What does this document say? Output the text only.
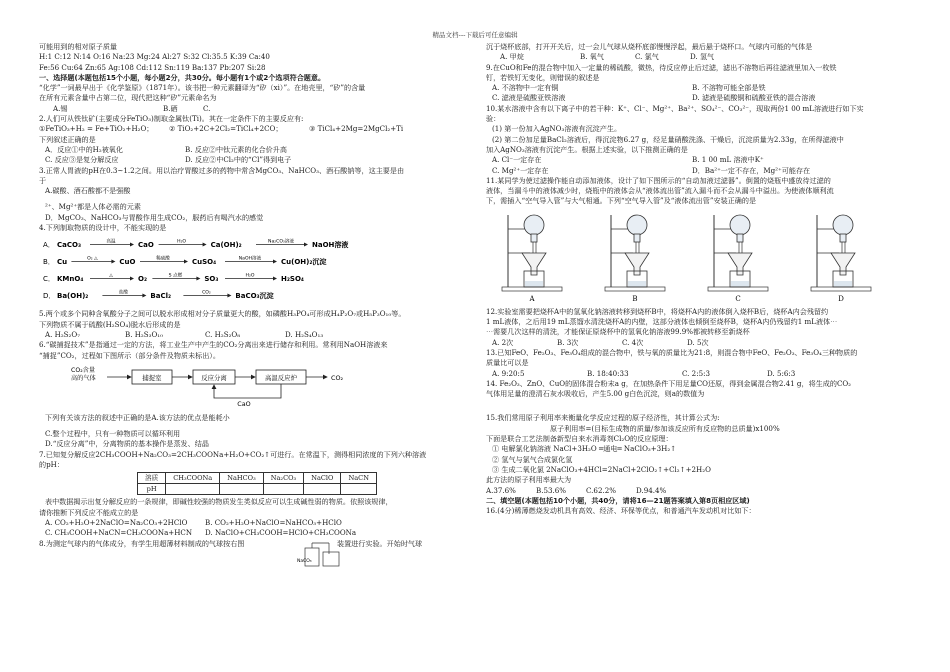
精品文档---下载后可任意编辑
可能用到的相对原子质量
H:1 C:12 N:14 O:16 Na:23 Mg:24 Al:27 S:32 Cl:35.5 K:39 Ca:40
Fe:56 Cu:64 Zn:65 Ag:108 Cd:112 Sn:119 Ba:137 Pb:207 Si:28
一、选择题(本题包括15个小题，每小题2分，共30分。每小题有1个或2个选项符合题意。
“化学”一词最早出于《化学鉴原》（1871年）。该书把一种元素翻译为“矽（xi）”。在地壳里，“矽”的含量
在所有元素含量中占第二位，现代把这种“矽”元素命名为
A.锡	B.硒	C.
2.人们可从铁钛矿(主要成分FeTiO₃)制取金属钛(Ti)。其在一定条件下的主要反应有:
①FeTiO₃+H₂ = Fe+TiO₂+H₂O；	② TiO₂+2C+2Cl₂=TiCl₄+2CO；	③ TiCl₄+2Mg=2MgCl₂+Ti
下列叙述正确的是
A．反应①中的H₂被氧化	B. 反应②中钛元素的化合价升高
C. 反应③是复分解反应	D. 反应②中Cl₂中的“Cl”得到电子
3.正常人胃液的pH在0.3~1.2之间。用以治疗胃酸过多的药物中常含MgCO₃、NaHCO₃、酒石酸钠等，这主要是由
于
A.碳酸、酒石酸都不是强酸
²⁺、Mg²⁺都是人体必需的元素
D．MgCO₃、NaHCO₃与胃酸作用生成CO₂，服药后有喝汽水的感觉
4.下列制取物质的设计中，不能实现的是
A． CaCO₃	高温	CaO	H₂O	Ca(OH)₂	Na₂CO₃溶液	NaOH溶液
B． Cu	O₂ △	CuO	稀硫酸	CuSO₄	NaOH溶液	Cu(OH)₂沉淀
C． KMnO₄	△	O₂	S 点燃	SO₃	H₂O	H₂SO₄
D． Ba(OH)₂	盐酸	BaCl₂	CO₂	BaCO₃沉淀
5.两个或多个同种含氧酸分子之间可以脱水形成相对分子质量更大的酸，如磷酸H₃PO₄可形成H₄P₂O₇或H₅P₃O₁₀等。
下列物质不属于硫酸(H₂SO₄)脱水后形成的是
A. H₂S₂O₇	B. H₂S₃O₁₀	C. H₂S₂O₈	D. H₂S₄O₁₃
6.“碳捕捉技术”是指通过一定的方法，将工业生产中产生的CO₂分离出来进行储存和利用。常利用NaOH溶液来
“捕捉”CO₂，过程如下图所示（部分条件及物质未标出）。
CO₂含量
高的气体	捕捉室	反应分离	高温反应炉	CO₂
CaO
下列有关该方法的叙述中正确的是A.该方法的优点是能耗小
C.整个过程中，只有一种物质可以循环利用
D.“反应分离”中，分离物质的基本操作是蒸发、结晶
7.已知复分解反应2CH₃COOH+Na₂CO₃=2CH₃COONa+H₂O+CO₂↑可进行。在常温下，测得相同浓度的下列六种溶液
的pH：
溶质	CH₃COONa	NaHCO₃	Na₂CO₃	NaClO	NaCN
pH					
表中数据揭示出复分解反应的一条规律，即碱性较强的物质发生类似反应可以生成碱性弱的物质。依照该规律，
请你推断下列反应不能成立的是
A. CO₂+H₂O+2NaClO=Na₂CO₃+2HClO	B. CO₂+H₂O+NaClO=NaHCO₃+HClO
C. CH₃COOH+NaCN=CH₃COONa+HCN	D. NaClO+CH₃COOH=HClO+CH₃COONa
8.为测定气球内的气体成分，有学生用超薄材料制成的气球按右图	装置进行实验。开始时气球
NaCO₃
沉于烧杯底部，打开开关后，过一会儿气球从烧杯底部慢慢浮起，最后悬于烧杯口。气球内可能的气体是
A. 甲烷	B. 氧气	C. 氯气	D. 氢气
9.在CuO和Fe的混合物中加入一定量的稀硫酸，微热，待反应停止后过滤，滤出不溶物后再往滤液里加入一枚铁
钉，若铁钉无变化，则错误的叙述是
A. 不溶物中一定有铜	B. 不溶物可能全部是铁
C. 滤液是硫酸亚铁溶液	D. 滤液是硫酸铜和硫酸亚铁的混合溶液
10.某水溶液中含有以下离子中的若干种：K⁺、Cl⁻、Mg²⁺、Ba²⁺、SO₄²⁻、CO₃²⁻，现取两份1 00 mL溶液进行如下实
验：
(1) 第一份加入AgNO₃溶液有沉淀产生。
(2) 第二份加足量BaCl₂溶液后，得沉淀物6.27 g，经足量硝酸洗涤、干燥后，沉淀质量为2.33g，在所得滤液中
加入AgNO₃溶液有沉淀产生。根据上述实验，以下推测正确的是
A. Cl⁻一定存在	B. 1 00 mL 溶液中K⁺
C. Mg²⁺一定存在	D．Ba²⁺一定不存在，Mg²⁺可能存在
11.某同学为使过滤操作能自动添加液体，设计了如下图所示的“自动加液过滤器”。倒置的烧瓶中盛放待过滤的
液体，当漏斗中的液体减少时，烧瓶中的液体会从“液体流出管”流入漏斗而不会从漏斗中溢出。为使液体顺利流
下，需插入“空气导入管”与大气相通。下列“空气导入管”及“液体流出管”安装正确的是
A	B	C	D
12.实验室需要把烧杯A中的氢氧化钠溶液转移到烧杯B中，将烧杯A内的液体倒入烧杯B后，烧杯A内会残留约
1 mL液体，之后用19 mL蒸馏水清洗烧杯A的内壁，这部分液体也倾倒至烧杯B，烧杯A内仍残留约1 mL液体⋯
⋯需要几次这样的清洗，才能保证原烧杯中的氢氧化钠溶液99.9%都被转移至新烧杯
A. 2次	B. 3次	C. 4次	D. 5次
13.已知FeO、Fe₂O₃、Fe₃O₄组成的混合物中，铁与氧的质量比为21:8，则混合物中FeO、Fe₂O₃、Fe₃O₄三种物质的
质量比可以是
A. 9:20:5	B. 18:40:33	C. 2:5:3	D. 5:6:3
14. Fe₂O₃、ZnO、CuO的固体混合粉末a g，在加热条件下用足量CO还原，得到金属混合物2.41 g，将生成的CO₂
气体用足量的澄清石灰水吸收后，产生5.00 g白色沉淀，则a的数值为
15.我们常用原子利用率来衡量化学反应过程的原子经济性，其计算公式为:
原子利用率=(目标生成物的质量/参加该反应所有反应物的总质量)x100%
下面是联合工艺法制备新型自来水消毒剂Cl₂O的反应原理：
① 电解氯化钠溶液 NaCl+3H₂O ═通电═ NaClO₃+3H₂↑
② 氢气与氯气合成氯化氢
③ 生成二氧化氯 2NaClO₃+4HCl=2NaCl+2ClO₂↑+Cl₂↑+2H₂O
此方法的原子利用率最大为
A.37.6%	B.53.6%	C.62.2%	D.94.4%
二、填空题(本题包括10个小题，共40分，请将16—21题答案填入第8页相应区域)
16.(4分)稀薄燃烧发动机具有高效、经济、环保等优点，和普通汽车发动机对比如下：
